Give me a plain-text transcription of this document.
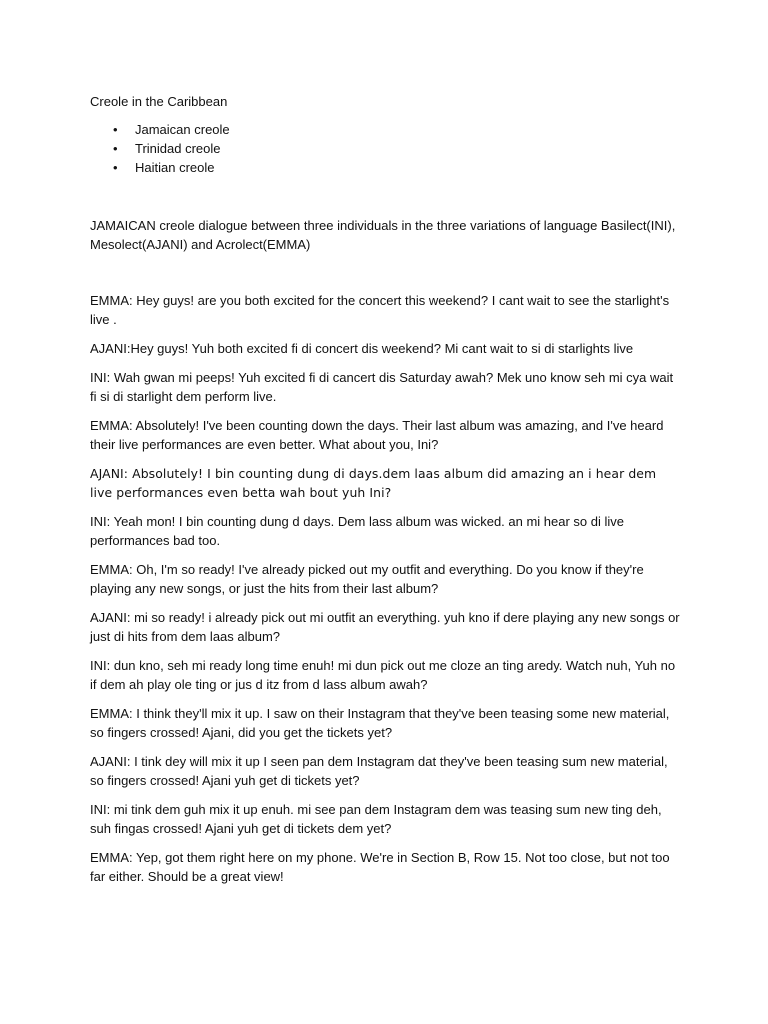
Creole in the Caribbean

• Jamaican creole
• Trinidad creole
• Haitian creole

JAMAICAN creole dialogue between three individuals in the three variations of language Basilect(INI), Mesolect(AJANI) and Acrolect(EMMA)

EMMA: Hey guys! are you both excited for the concert this weekend? I cant wait to see the starlight's live .

AJANI:Hey guys! Yuh both excited fi di concert dis weekend? Mi cant wait to si di starlights live

INI: Wah gwan mi peeps! Yuh excited fi di cancert dis Saturday awah? Mek uno know seh mi cya wait fi si di starlight dem perform live.

EMMA: Absolutely! I've been counting down the days. Their last album was amazing, and I've heard their live performances are even better. What about you, Ini?

AJANI: Absolutely! I bin counting dung di days.dem laas album did amazing an i hear dem live performances even betta wah bout yuh Ini?

INI: Yeah mon! I bin counting dung d days. Dem lass album was wicked. an mi hear so di live performances bad too.

EMMA: Oh, I'm so ready! I've already picked out my outfit and everything. Do you know if they're playing any new songs, or just the hits from their last album?

AJANI: mi so ready! i already pick out mi outfit an everything. yuh kno if dere playing any new songs or just di hits from dem laas album?

INI: dun kno, seh mi ready long time enuh! mi dun pick out me cloze an ting aredy. Watch nuh, Yuh no if dem ah play ole ting or jus d itz from d lass album awah?

EMMA: I think they'll mix it up. I saw on their Instagram that they've been teasing some new material, so fingers crossed! Ajani, did you get the tickets yet?

AJANI: I tink dey will mix it up I seen pan dem Instagram dat they've been teasing sum new material, so fingers crossed! Ajani yuh get di tickets yet?

INI: mi tink dem guh mix it up enuh. mi see pan dem Instagram dem was teasing sum new ting deh, suh fingas crossed! Ajani yuh get di tickets dem yet?

EMMA: Yep, got them right here on my phone. We're in Section B, Row 15. Not too close, but not too far either. Should be a great view!
